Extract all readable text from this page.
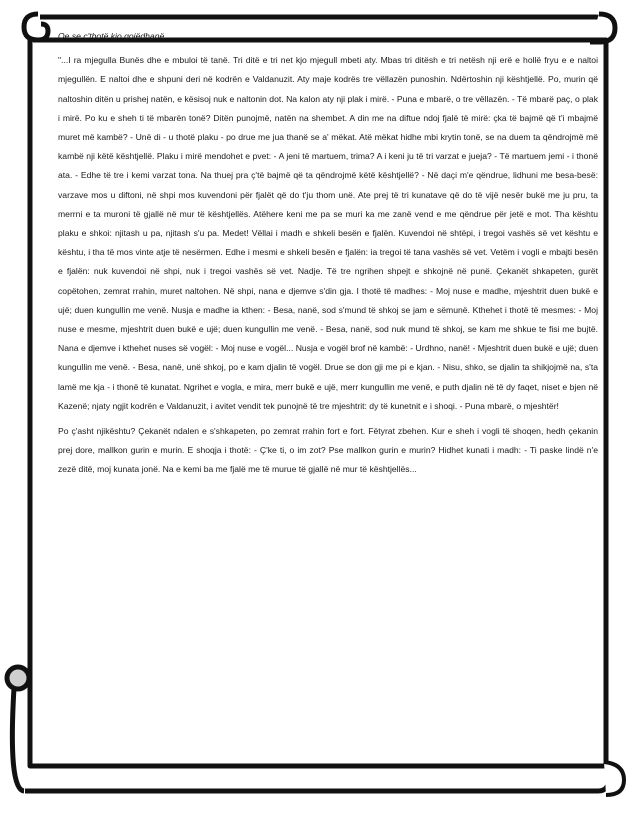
Qe se ç'thotë kjo gojëdhanë.

"...I ra mjegulla Bunës dhe e mbuloi të tanë. Tri ditë e tri net kjo mjegull mbeti aty. Mbas tri ditësh e tri netësh nji erë e hollë fryu e e naltoi mjegullën. E naltoi dhe e shpuni deri në kodrën e Valdanuzit. Aty maje kodrës tre vëllazën punoshin. Ndërtoshin nji kështjellë. Po, murin që naltoshin ditën u prishej natën, e kësisoj nuk e naltonin dot. Na kalon aty nji plak i mirë. - Puna e mbarë, o tre vëllazën. - Të mbarë paç, o plak i mirë. Po ku e sheh ti të mbarën tonë? Ditën punojmë, natën na shembet. A din me na diftue ndoj fjalë të mirë: çka të bajmë që t'i mbajmë muret më kambë? - Unë di - u thotë plaku - po drue me jua thanë se a' mëkat. Atë mëkat hidhe mbi krytin tonë, se na duem ta qëndrojmë më kambë nji këtë kështjellë. Plaku i mirë mendohet e pvet: - A jeni të martuem, trima? A i keni ju të tri varzat e jueja? - Të martuem jemi - i thonë ata. - Edhe të tre i kemi varzat tona. Na thuej pra ç'të bajmë që ta qëndrojmë këtë kështjellë? - Në daçi m'e qëndrue, lidhuni me besa-besë: varzave mos u diftoni, në shpi mos kuvendoni për fjalët që do t'ju thom unë. Ate prej të tri kunatave që do të vijë nesër bukë me ju pru, ta merrni e ta muroni të gjallë në mur të kështjellës. Atëhere keni me pa se muri ka me zanë vend e me qëndrue për jetë e mot. Tha kështu plaku e shkoi: njitash u pa, njitash s'u pa. Medet! Vëllai i madh e shkeli besën e fjalën. Kuvendoi në shtëpi, i tregoi vashës së vet kështu e kështu, i tha të mos vinte atje të nesërmen. Edhe i mesmi e shkeli besën e fjalën: ia tregoi të tana vashës së vet. Vetëm i vogli e mbajti besën e fjalën: nuk kuvendoi në shpi, nuk i tregoi vashës së vet. Nadje. Të tre ngrihen shpejt e shkojnë në punë. Çekanët shkapeten, gurët copëtohen, zemrat rrahin, muret naltohen. Në shpi, nana e djemve s'din gja. I thotë të madhes: - Moj nuse e madhe, mjeshtrit duen bukë e ujë; duen kungullin me venë. Nusja e madhe ia kthen: - Besa, nanë, sod s'mund të shkoj se jam e sëmunë. Kthehet i thotë të mesmes: - Moj nuse e mesme, mjeshtrit duen bukë e ujë; duen kungullin me venë. - Besa, nanë, sod nuk mund të shkoj, se kam me shkue te fisi me bujtë. Nana e djemve i kthehet nuses së vogël: - Moj nuse e vogël... Nusja e vogël brof në kambë: - Urdhno, nanë! - Mjeshtrit duen bukë e ujë; duen kungullin me venë. - Besa, nanë, unë shkoj, po e kam djalin të vogël. Drue se don gji me pi e kjan. - Nisu, shko, se djalin ta shikjojmë na, s'ta lamë me kja - i thonë të kunatat. Ngrihet e vogla, e mira, merr bukë e ujë, merr kungullin me venë, e puth djalin në të dy faqet, niset e bjen në Kazenë; njaty ngjit kodrën e Valdanuzit, i avitet vendit tek punojnë të tre mjeshtrit: dy të kunetnit e i shoqi. - Puna mbarë, o mjeshtër!

Po ç'asht njikështu? Çekanët ndalen e s'shkapeten, po zemrat rrahin fort e fort. Fëtyrat zbehen. Kur e sheh i vogli të shoqen, hedh çekanin prej dore, mallkon gurin e murin. E shoqja i thotë: - Ç'ke ti, o im zot? Pse mallkon gurin e murin? Hidhet kunati i madh: - Ti paske lindë n'e zezë ditë, moj kunata jonë. Na e kemi ba me fjalë me të murue të gjallë në mur të kështjellës...
